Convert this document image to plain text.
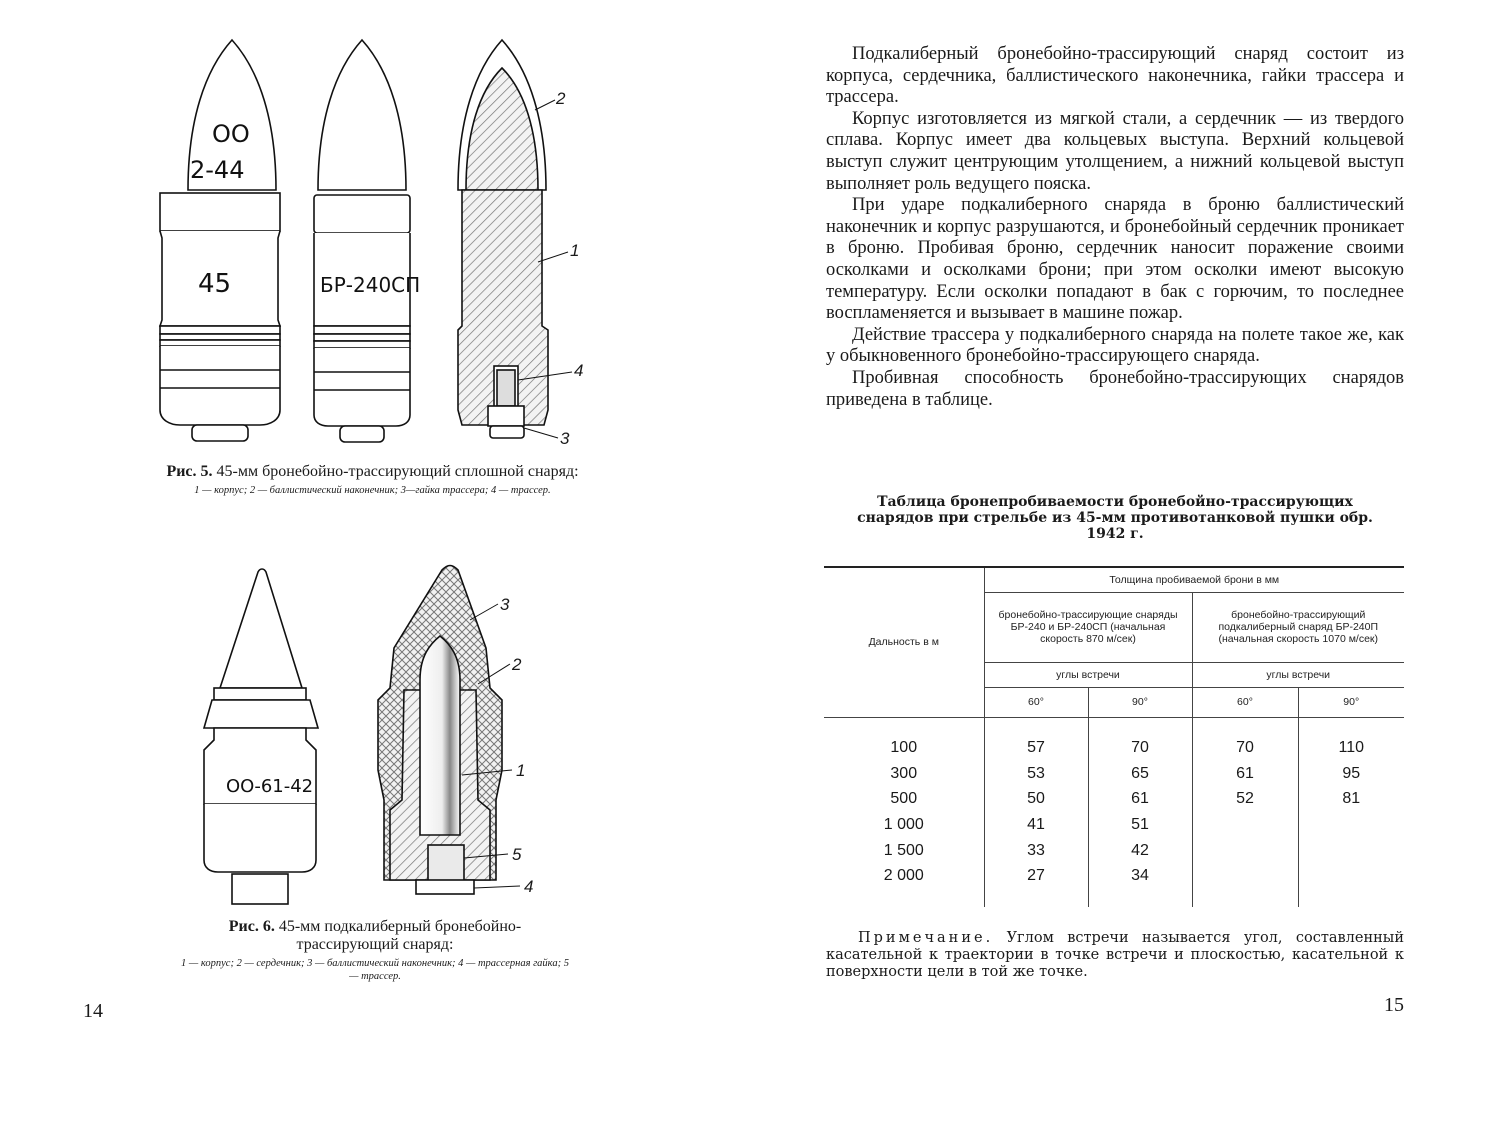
ОО
2-44
45	БР-240СП
2
1
4
3
Рис. 5. 45-мм бронебойно-трассирующий сплошной снаряд:
1 — корпус; 2 — баллистический наконечник; 3—гайка трассера; 4 — трассер.
ОО-61-42
3
2
1
5
4
Рис. 6. 45-мм подкалиберный бронебойно-трассирующий снаряд:
1 — корпус; 2 — сердечник; 3 — баллистический наконечник; 4 — трассерная гайка; 5 — трассер.
14

Подкалиберный бронебойно-трассирующий снаряд состоит из корпуса, сердечника, баллистического наконечника, гайки трассера и трассера.

Корпус изготовляется из мягкой стали, а сердечник — из твердого сплава. Корпус имеет два кольцевых выступа. Верхний кольцевой выступ служит центрующим утолщением, а нижний кольцевой выступ выполняет роль ведущего пояска.

При ударе подкалиберного снаряда в броню баллистический наконечник и корпус разрушаются, и бронебойный сердечник проникает в броню. Пробивая броню, сердечник наносит поражение своими осколками и осколками брони; при этом осколки имеют высокую температуру. Если осколки попадают в бак с горючим, то последнее воспламеняется и вызывает в машине пожар.

Действие трассера у подкалиберного снаряда на полете такое же, как у обыкновенного бронебойно-трассирующего снаряда.

Пробивная способность бронебойно-трассирующих снарядов приведена в таблице.

Таблица бронепробиваемости бронебойно-трассирующих снарядов при стрельбе из 45-мм противотанковой пушки обр. 1942 г.
Дальность в м	Толщина пробиваемой брони в мм			
	бронебойно-трассирующие снаряды БР-240 и БР-240СП (начальная скорость 870 м/сек)		бронебойно-трассирующий подкалиберный снаряд БР-240П (начальная скорость 1070 м/сек)	
	углы встречи		углы встречи	
	60°	90°	60°	90°

100	57	70	70	110
300	53	65	61	95
500	50	61	52	81
1 000	41	51		
1 500	33	42		
2 000	27	34		

Примечание. Углом встречи называется угол, составленный касательной к траектории в точке встречи и плоскостью, касательной к поверхности цели в той же точке.
15
